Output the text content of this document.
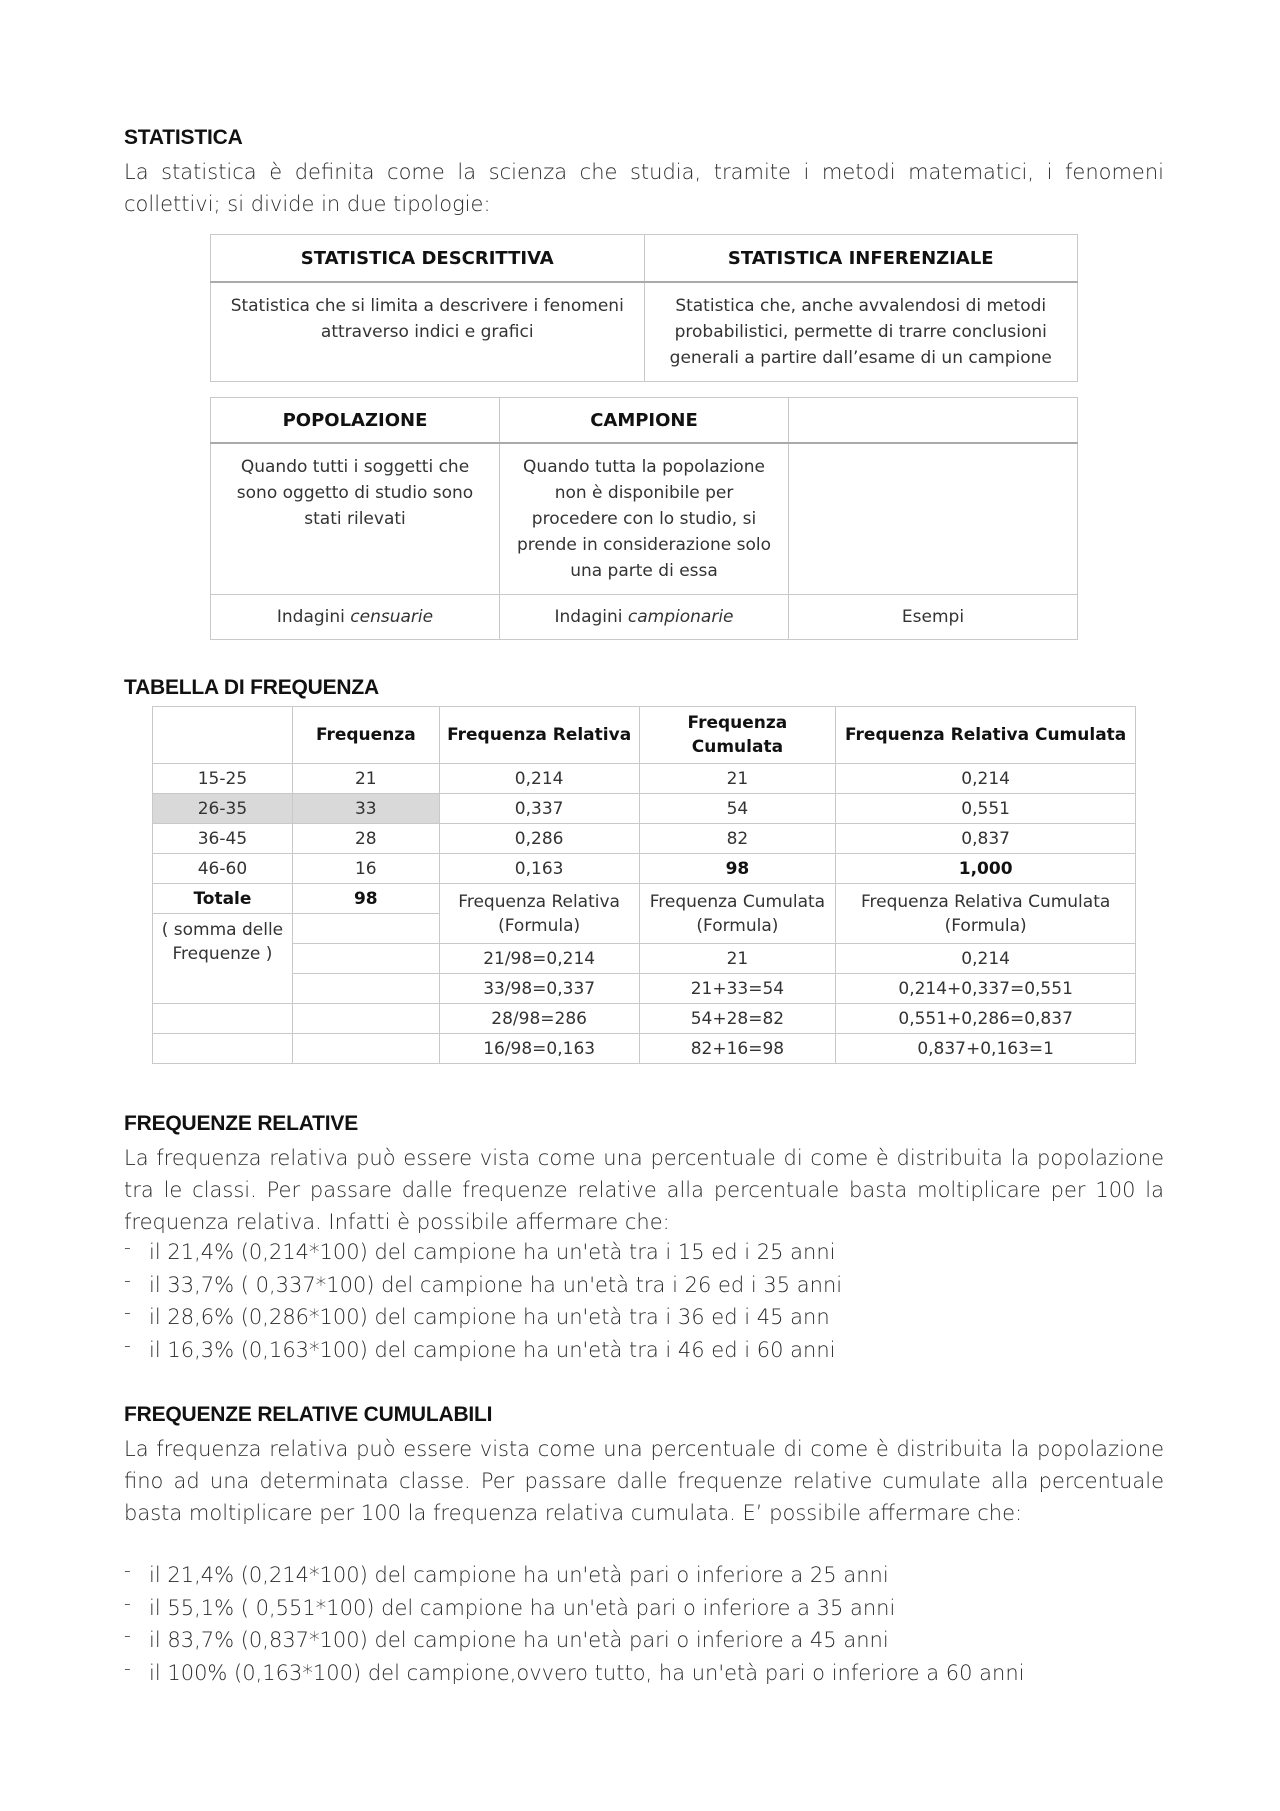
STATISTICA

La statistica è definita come la scienza che studia, tramite i metodi matematici, i fenomeni collettivi; si divide in due tipologie:

STATISTICA DESCRITTIVA	STATISTICA INFERENZIALE
Statistica che si limita a descrivere i fenomeni attraverso indici e grafici	Statistica che, anche avvalendosi di metodi probabilistici, permette di trarre conclusioni generali a partire dall’esame di un campione
POPOLAZIONE	CAMPIONE	
Quando tutti i soggetti che sono oggetto di studio sono stati rilevati	Quando tutta la popolazione non è disponibile per procedere con lo studio, si prende in considerazione solo una parte di essa	
Indagini censuarie	Indagini campionarie	Esempi
TABELLA DI FREQUENZA
	Frequenza	Frequenza Relativa	Frequenza Cumulata	Frequenza Relativa Cumulata
15-25	21	0,214	21	0,214
26-35	33	0,337	54	0,551
36-45	28	0,286	82	0,837
46-60	16	0,163	98	1,000
Totale	98	Frequenza Relativa (Formula)	Frequenza Cumulata (Formula)	Frequenza Relativa Cumulata (Formula)
( somma delle Frequenze )				
		21/98=0,214	21	0,214
		33/98=0,337	21+33=54	0,214+0,337=0,551
		28/98=286	54+28=82	0,551+0,286=0,837
		16/98=0,163	82+16=98	0,837+0,163=1
FREQUENZE RELATIVE

La frequenza relativa può essere vista come una percentuale di come è distribuita la popolazione tra le classi. Per passare dalle frequenze relative alla percentuale basta moltiplicare per 100 la frequenza relativa. Infatti è possibile affermare che:

- il 21,4% (0,214*100) del campione ha un'età tra i 15 ed i 25 anni
- il 33,7% ( 0,337*100) del campione ha un'età tra i 26 ed i 35 anni
- il 28,6% (0,286*100) del campione ha un'età tra i 36 ed i 45 ann
- il 16,3% (0,163*100) del campione ha un'età tra i 46 ed i 60 anni
FREQUENZE RELATIVE CUMULABILI

La frequenza relativa può essere vista come una percentuale di come è distribuita la popolazione fino ad una determinata classe. Per passare dalle frequenze relative cumulate alla percentuale basta moltiplicare per 100 la frequenza relativa cumulata. E’ possibile affermare che:

- il 21,4% (0,214*100) del campione ha un'età pari o inferiore a 25 anni
- il 55,1% ( 0,551*100) del campione ha un'età pari o inferiore a 35 anni
- il 83,7% (0,837*100) del campione ha un'età pari o inferiore a 45 anni
- il 100% (0,163*100) del campione,ovvero tutto, ha un'età pari o inferiore a 60 anni
